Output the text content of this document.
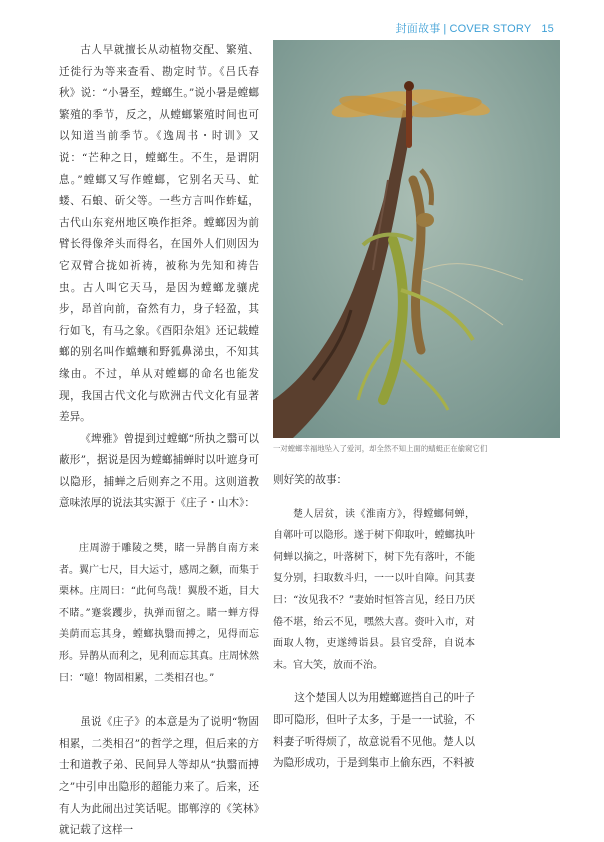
封面故事 | COVER STORY 15

古人早就擅长从动植物交配、繁殖、迁徙行为等来查看、勘定时节。《吕氏春秋》说：“小暑至，螳螂生。”说小暑是螳螂繁殖的季节，反之，从螳螂繁殖时间也可以知道当前季节。《逸周书・时训》又说：“芒种之日，螳螂生。不生，是谓阴息。”螳螂又写作螳螂，它别名天马、虻蝼、石蜋、斫父等。一些方言叫作蚱蜢，古代山东兖州地区唤作拒斧。螳螂因为前臂长得像斧头而得名，在国外人们则因为它双臂合拢如祈祷，被称为先知和祷告虫。古人叫它天马，是因为螳螂龙骧虎步，昂首向前，奋然有力，身子轻盈，其行如飞，有马之象。《酉阳杂俎》还记载螳螂的别名叫作蟷蠰和野狐鼻涕虫，不知其缘由。不过，单从对螳螂的命名也能发现，我国古代文化与欧洲古代文化有显著差异。

《埤雅》曾提到过螳螂“所执之翳可以蔽形”，据说是因为螳螂捕蝉时以叶遮身可以隐形，捕蝉之后则弃之不用。这则道教意味浓厚的说法其实源于《庄子・山木》：

庄周游于雕陵之樊，睹一异鹊自南方来者。翼广七尺，目大运寸，感周之颡，而集于栗林。庄周曰：“此何鸟哉！翼殷不逝，目大不睹。”蹇裳躩步，执弹而留之。睹一蝉方得美荫而忘其身，螳螂执翳而搏之，见得而忘形。异鹊从而利之，见利而忘其真。庄周怵然曰：“噫！物固相累，二类相召也。”

虽说《庄子》的本意是为了说明“物固相累，二类相召”的哲学之理，但后来的方士和道教子弟、民间异人等却从“执翳而搏之”中引申出隐形的超能力来了。后来，还有人为此闹出过笑话呢。邯郸淳的《笑林》就记载了这样一

一对螳螂幸福地坠入了爱河，却全然不知上面的蜻蜓正在偷窥它们

则好笑的故事：

楚人居贫，读《淮南方》，得螳螂伺蝉，自鄣叶可以隐形。遂于树下仰取叶，螳螂执叶伺蝉以摘之，叶落树下，树下先有落叶，不能复分别，扫取数斗归，一一以叶自障。问其妻曰：“汝见我不？”妻始时恒答言见，经日乃厌倦不堪，绐云不见，嘿然大喜。赍叶入市，对面取人物，吏遂缚诣县。县官受辞，自说本末。官大笑，放而不治。

这个楚国人以为用螳螂遮挡自己的叶子即可隐形，但叶子太多，于是一一试验，不料妻子听得烦了，故意说看不见他。楚人以为隐形成功，于是到集市上偷东西，不料被
